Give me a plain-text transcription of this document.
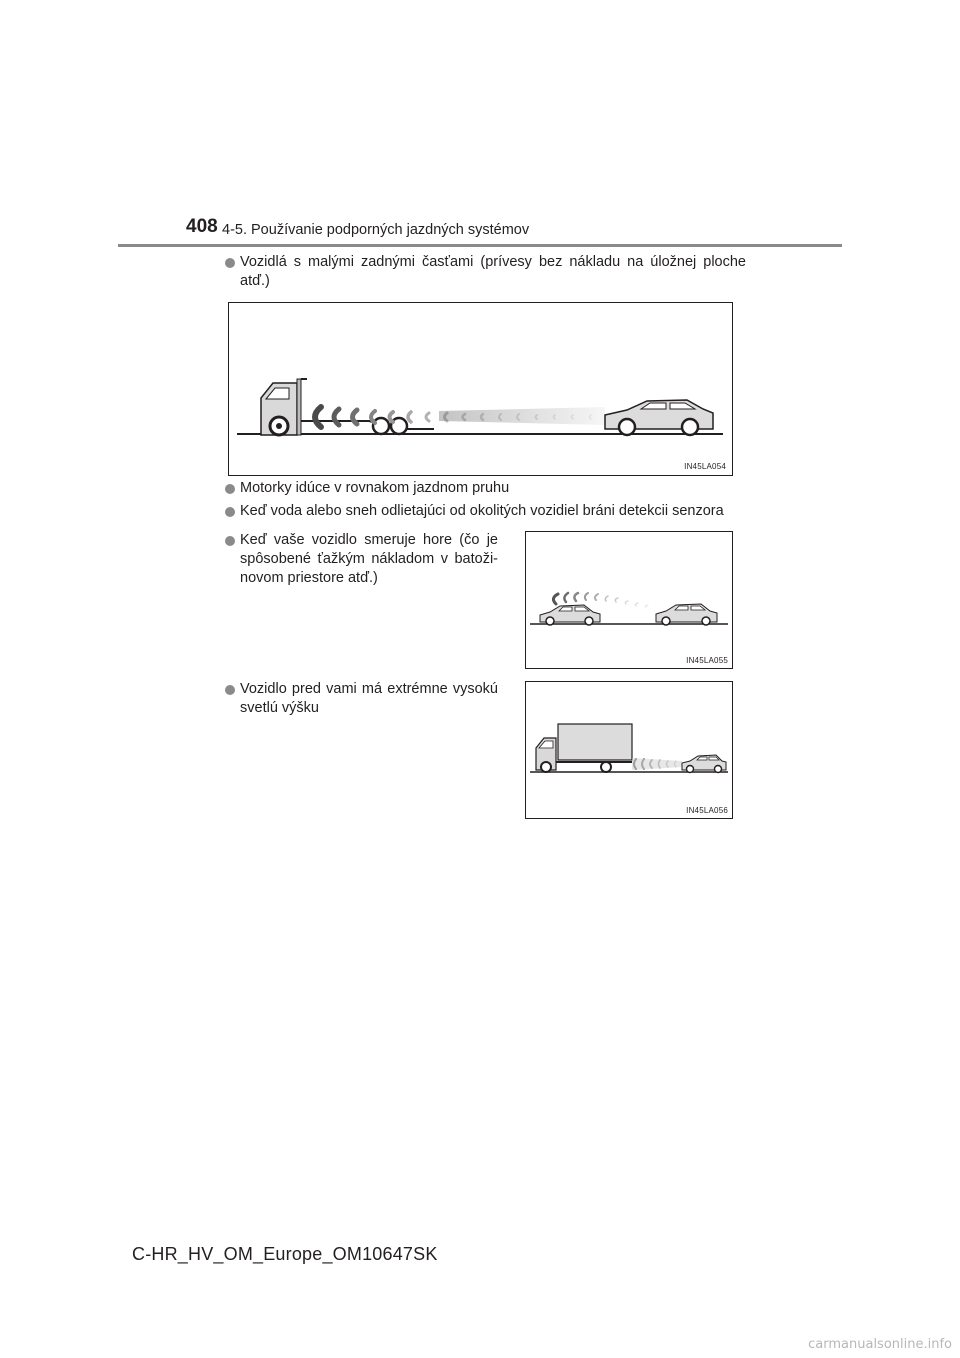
408 4-5. Používanie podporných jazdných systémov
Vozidlá s malými zadnými časťami (prívesy bez nákladu na úložnej ploche atď.)
IN45LA054
Motorky idúce v rovnakom jazdnom pruhu
Keď voda alebo sneh odlietajúci od okolitých vozidiel bráni detekcii senzora
Keď vaše vozidlo smeruje hore (čo je spôsobené ťažkým nákladom v batoži-novom priestore atď.)
IN45LA055
Vozidlo pred vami má extrémne vysokú svetlú výšku
IN45LA056
C-HR_HV_OM_Europe_OM10647SK
carmanualsonline.info
